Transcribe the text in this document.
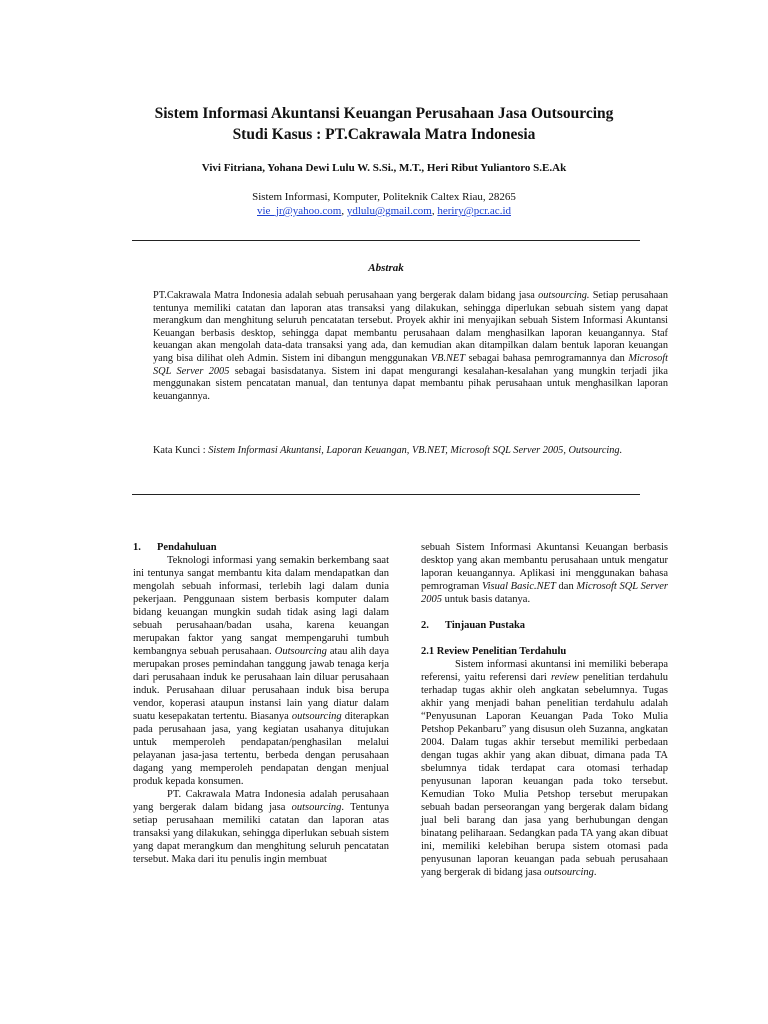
Sistem Informasi Akuntansi Keuangan Perusahaan Jasa Outsourcing
Studi Kasus : PT.Cakrawala Matra Indonesia
Vivi Fitriana, Yohana Dewi Lulu W. S.Si., M.T., Heri Ribut Yuliantoro S.E.Ak
Sistem Informasi, Komputer, Politeknik Caltex Riau, 28265
vie_jr@yahoo.com, ydlulu@gmail.com, heriry@pcr.ac.id
Abstrak
PT.Cakrawala Matra Indonesia adalah sebuah perusahaan yang bergerak dalam bidang jasa outsourcing. Setiap perusahaan tentunya memiliki catatan dan laporan atas transaksi yang dilakukan, sehingga diperlukan sebuah sistem yang dapat merangkum dan menghitung seluruh pencatatan tersebut. Proyek akhir ini menyajikan sebuah Sistem Informasi Akuntansi Keuangan berbasis desktop, sehingga dapat membantu perusahaan dalam menghasilkan laporan keuangannya. Staf keuangan akan mengolah data-data transaksi yang ada, dan kemudian akan ditampilkan dalam bentuk laporan keuangan yang bisa dilihat oleh Admin. Sistem ini dibangun menggunakan VB.NET sebagai bahasa pemrogramannya dan Microsoft SQL Server 2005 sebagai basisdatanya. Sistem ini dapat mengurangi kesalahan-kesalahan yang mungkin terjadi jika menggunakan sistem pencatatan manual, dan tentunya dapat membantu pihak perusahaan untuk menghasilkan laporan keuangannya.
Kata Kunci : Sistem Informasi Akuntansi, Laporan Keuangan, VB.NET, Microsoft SQL Server 2005, Outsourcing.
1. Pendahuluan
Teknologi informasi yang semakin berkembang saat ini tentunya sangat membantu kita dalam mendapatkan dan mengolah sebuah informasi, terlebih lagi dalam dunia pekerjaan. Penggunaan sistem berbasis komputer dalam bidang keuangan mungkin sudah tidak asing lagi dalam sebuah perusahaan/badan usaha, karena keuangan merupakan faktor yang sangat mempengaruhi tumbuh kembangnya sebuah perusahaan. Outsourcing atau alih daya merupakan proses pemindahan tanggung jawab tenaga kerja dari perusahaan induk ke perusahaan lain diluar perusahaan induk. Perusahaan diluar perusahaan induk bisa berupa vendor, koperasi ataupun instansi lain yang diatur dalam suatu kesepakatan tertentu. Biasanya outsourcing diterapkan pada perusahaan jasa, yang kegiatan usahanya ditujukan untuk memperoleh pendapatan/penghasilan melalui pelayanan jasa-jasa tertentu, berbeda dengan perusahaan dagang yang memperoleh pendapatan dengan menjual produk kepada konsumen.
PT. Cakrawala Matra Indonesia adalah perusahaan yang bergerak dalam bidang jasa outsourcing. Tentunya setiap perusahaan memiliki catatan dan laporan atas transaksi yang dilakukan, sehingga diperlukan sebuah sistem yang dapat merangkum dan menghitung seluruh pencatatan tersebut. Maka dari itu penulis ingin membuat
sebuah Sistem Informasi Akuntansi Keuangan berbasis desktop yang akan membantu perusahaan untuk mengatur laporan keuangannya. Aplikasi ini menggunakan bahasa pemrograman Visual Basic.NET dan Microsoft SQL Server 2005 untuk basis datanya.
2. Tinjauan Pustaka
2.1 Review Penelitian Terdahulu
Sistem informasi akuntansi ini memiliki beberapa referensi, yaitu referensi dari review penelitian terdahulu terhadap tugas akhir oleh angkatan sebelumnya. Tugas akhir yang menjadi bahan penelitian terdahulu adalah “Penyusunan Laporan Keuangan Pada Toko Mulia Petshop Pekanbaru” yang disusun oleh Suzanna, angkatan 2004. Dalam tugas akhir tersebut memiliki perbedaan dengan tugas akhir yang akan dibuat, dimana pada TA sbelumnya tidak terdapat cara otomasi terhadap penyusunan laporan keuangan pada toko tersebut. Kemudian Toko Mulia Petshop tersebut merupakan sebuah badan perseorangan yang bergerak dalam bidang jual beli barang dan jasa yang berhubungan dengan binatang peliharaan. Sedangkan pada TA yang akan dibuat ini, memiliki kelebihan berupa sistem otomasi pada penyusunan laporan keuangan pada sebuah perusahaan yang bergerak di bidang jasa outsourcing.
